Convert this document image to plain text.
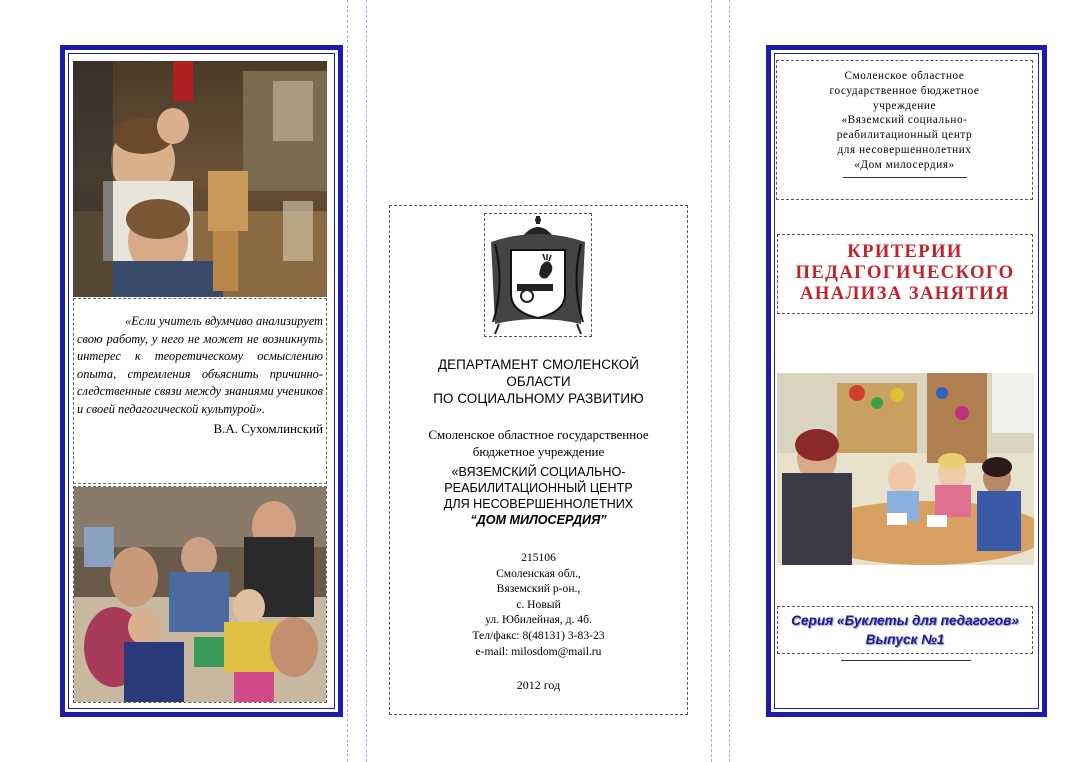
«Если учитель вдумчиво анализирует свою работу, у него не может не возникнуть интерес к теоретическому осмыслению опыта, стремления объяснить причинно-следственные связи между знаниями учеников и своей педагогической культурой».

В.А. Сухомлинский
ДЕПАРТАМЕНТ СМОЛЕНСКОЙ
ОБЛАСТИ
ПО СОЦИАЛЬНОМУ РАЗВИТИЮ
Смоленское областное государственное
бюджетное учреждение
«ВЯЗЕМСКИЙ СОЦИАЛЬНО-
РЕАБИЛИТАЦИОННЫЙ ЦЕНТР
ДЛЯ НЕСОВЕРШЕННОЛЕТНИХ
“ДОМ МИЛОСЕРДИЯ”
215106
Смоленская обл.,
Вяземский р-он.,
с. Новый
ул. Юбилейная, д. 4б.
Тел/факс: 8(48131) 3-83-23
e-mail: milosdom@mail.ru
2012 год
Смоленское областное
государственное бюджетное
учреждение
«Вяземский социально-
реабилитационный центр
для несовершеннолетних
«Дом милосердия»
КРИТЕРИИ
ПЕДАГОГИЧЕСКОГО
АНАЛИЗА ЗАНЯТИЯ
Серия «Буклеты для педагогов»
Выпуск №1
